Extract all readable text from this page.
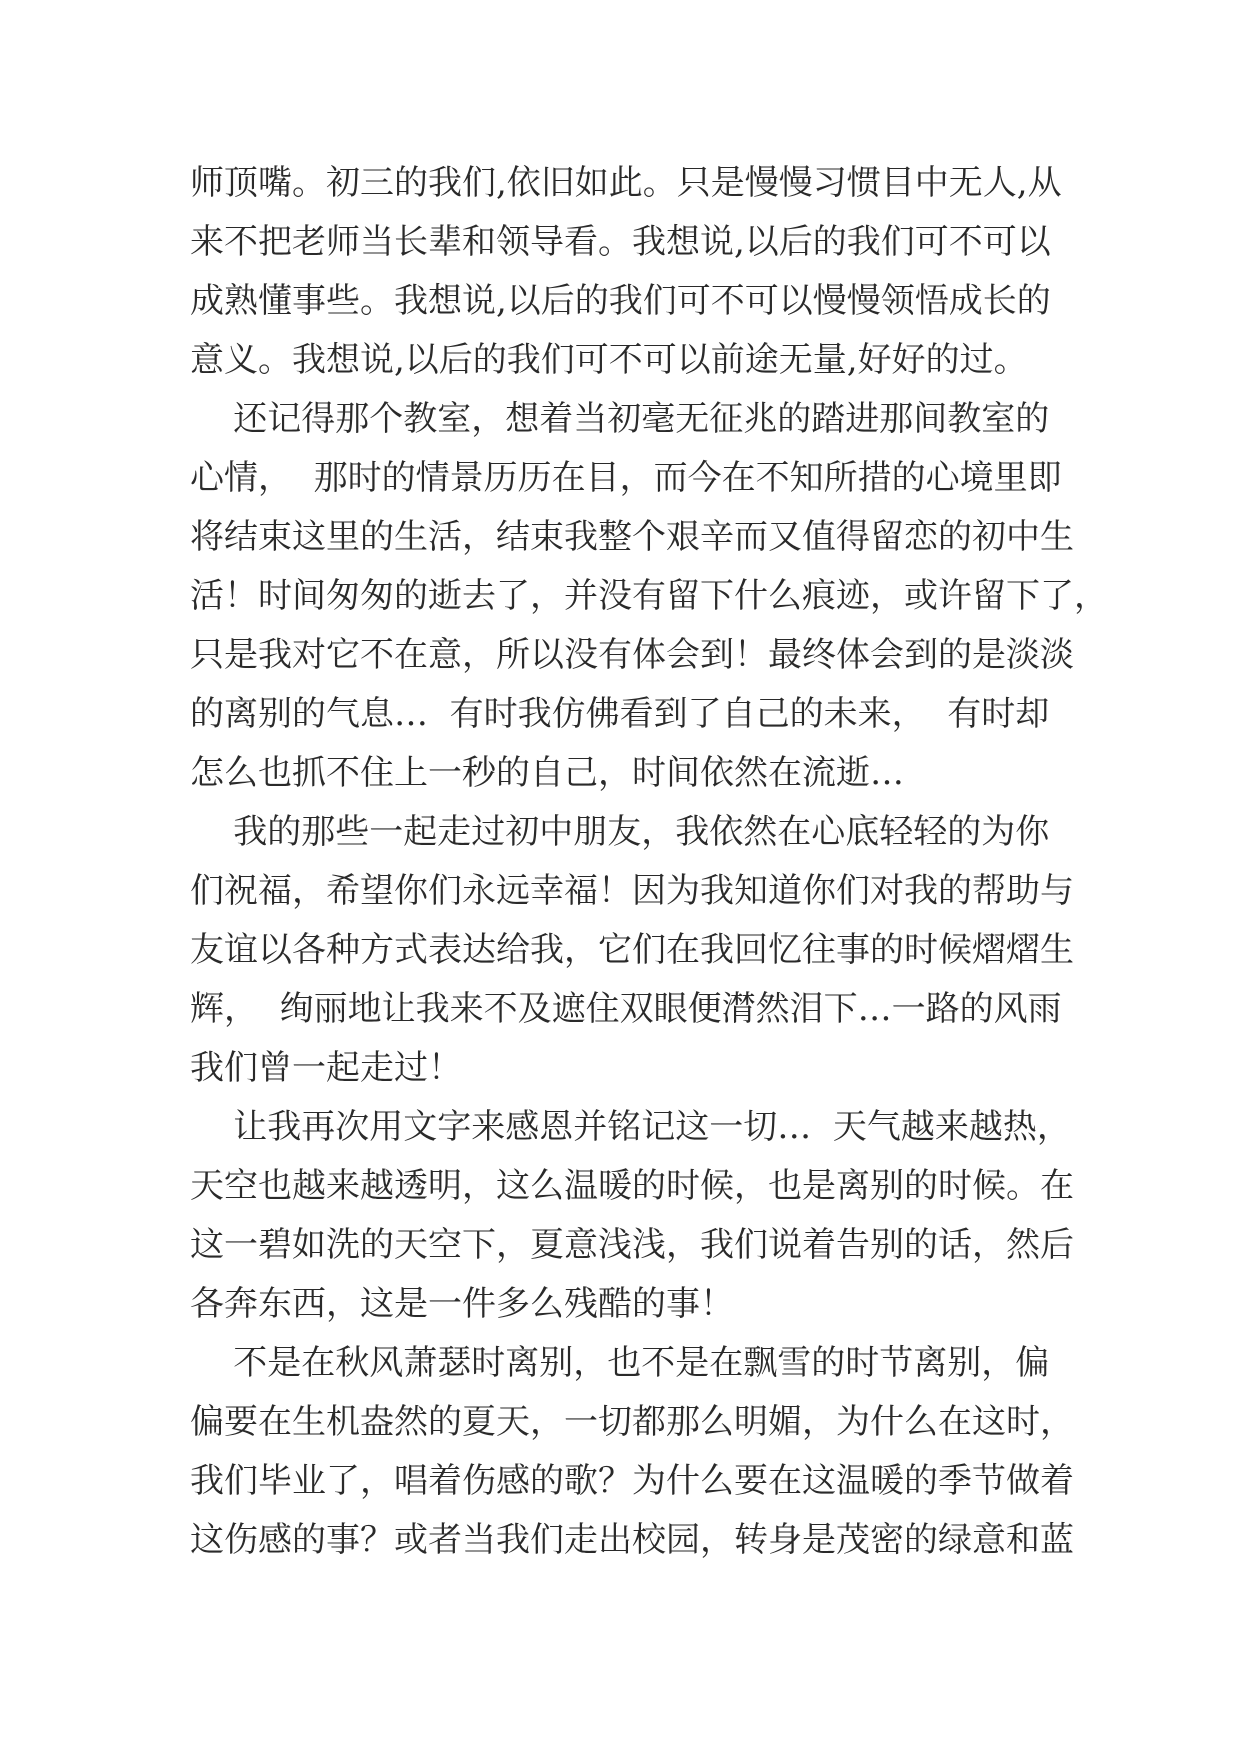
师顶嘴。初三的我们,依旧如此。只是慢慢习惯目中无人,从
来不把老师当长辈和领导看。我想说,以后的我们可不可以
成熟懂事些。我想说,以后的我们可不可以慢慢领悟成长的
意义。我想说,以后的我们可不可以前途无量,好好的过。
还记得那个教室，想着当初毫无征兆的踏进那间教室的
心情，  那时的情景历历在目，而今在不知所措的心境里即
将结束这里的生活，结束我整个艰辛而又值得留恋的初中生
活！时间匆匆的逝去了，并没有留下什么痕迹，或许留下了，
只是我对它不在意，所以没有体会到！最终体会到的是淡淡
的离别的气息…  有时我仿佛看到了自己的未来，  有时却
怎么也抓不住上一秒的自己，时间依然在流逝…
我的那些一起走过初中朋友，我依然在心底轻轻的为你
们祝福，希望你们永远幸福！因为我知道你们对我的帮助与
友谊以各种方式表达给我，它们在我回忆往事的时候熠熠生
辉，  绚丽地让我来不及遮住双眼便潸然泪下…一路的风雨
我们曾一起走过！
让我再次用文字来感恩并铭记这一切…  天气越来越热，
天空也越来越透明，这么温暖的时候，也是离别的时候。在
这一碧如洗的天空下，夏意浅浅，我们说着告别的话，然后
各奔东西，这是一件多么残酷的事！
不是在秋风萧瑟时离别，也不是在飘雪的时节离别，偏
偏要在生机盎然的夏天，一切都那么明媚，为什么在这时，
我们毕业了，唱着伤感的歌？为什么要在这温暖的季节做着
这伤感的事？或者当我们走出校园，转身是茂密的绿意和蓝
